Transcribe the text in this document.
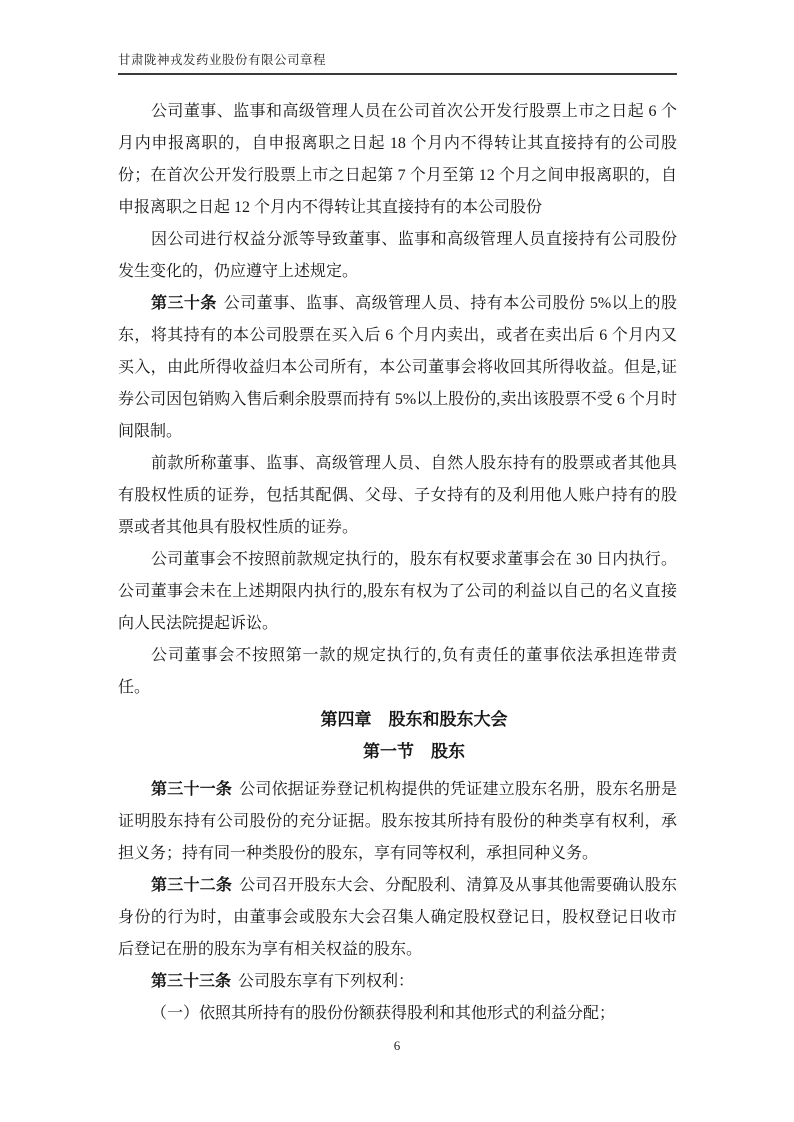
甘肃陇神戎发药业股份有限公司章程

公司董事、监事和高级管理人员在公司首次公开发行股票上市之日起 6 个月内申报离职的，自申报离职之日起 18 个月内不得转让其直接持有的公司股份；在首次公开发行股票上市之日起第 7 个月至第 12 个月之间申报离职的，自申报离职之日起 12 个月内不得转让其直接持有的本公司股份

因公司进行权益分派等导致董事、监事和高级管理人员直接持有公司股份发生变化的，仍应遵守上述规定。

第三十条 公司董事、监事、高级管理人员、持有本公司股份 5%以上的股东，将其持有的本公司股票在买入后 6 个月内卖出，或者在卖出后 6 个月内又买入，由此所得收益归本公司所有，本公司董事会将收回其所得收益。但是,证券公司因包销购入售后剩余股票而持有 5%以上股份的,卖出该股票不受 6 个月时间限制。

前款所称董事、监事、高级管理人员、自然人股东持有的股票或者其他具有股权性质的证券，包括其配偶、父母、子女持有的及利用他人账户持有的股票或者其他具有股权性质的证券。

公司董事会不按照前款规定执行的，股东有权要求董事会在 30 日内执行。公司董事会未在上述期限内执行的,股东有权为了公司的利益以自己的名义直接向人民法院提起诉讼。

公司董事会不按照第一款的规定执行的,负有责任的董事依法承担连带责任。

第四章　股东和股东大会

第一节　股东

第三十一条 公司依据证券登记机构提供的凭证建立股东名册，股东名册是证明股东持有公司股份的充分证据。股东按其所持有股份的种类享有权利，承担义务；持有同一种类股份的股东，享有同等权利，承担同种义务。

第三十二条 公司召开股东大会、分配股利、清算及从事其他需要确认股东身份的行为时，由董事会或股东大会召集人确定股权登记日，股权登记日收市后登记在册的股东为享有相关权益的股东。

第三十三条 公司股东享有下列权利：

（一）依照其所持有的股份份额获得股利和其他形式的利益分配；

6
